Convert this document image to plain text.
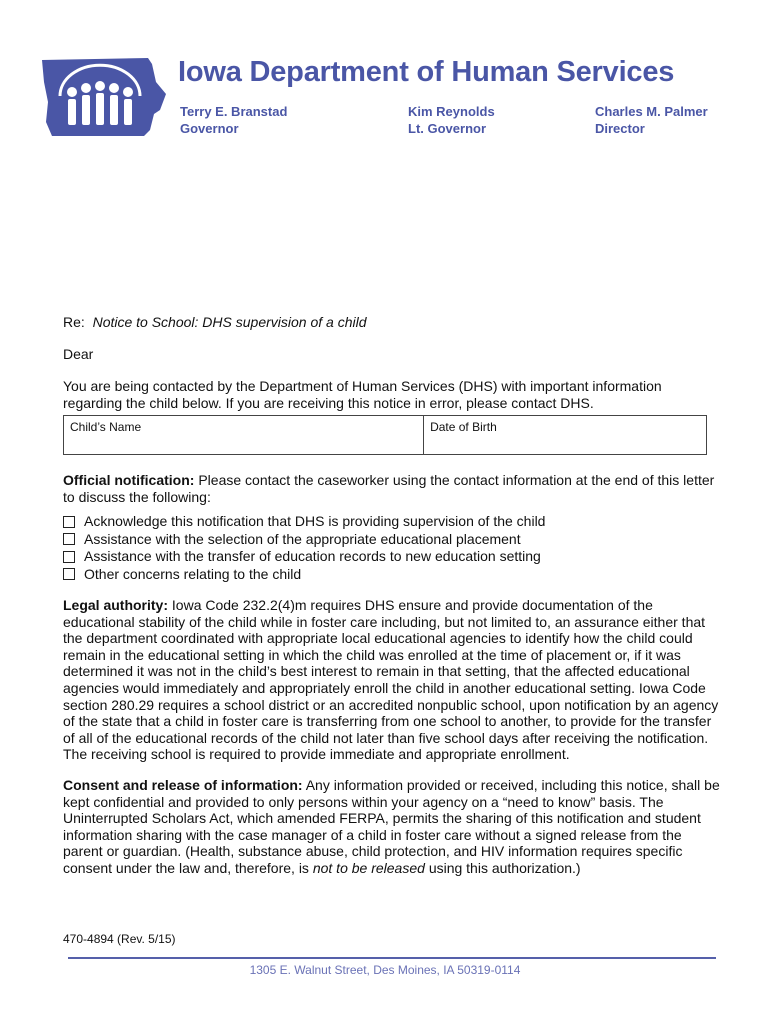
Iowa Department of Human Services
Terry E. Branstad
Governor
Kim Reynolds
Lt. Governor
Charles M. Palmer
Director
Re: Notice to School: DHS supervision of a child
Dear
You are being contacted by the Department of Human Services (DHS) with important information regarding the child below. If you are receiving this notice in error, please contact DHS.
Child’s Name	Date of Birth
Official notification: Please contact the caseworker using the contact information at the end of this letter to discuss the following:
Acknowledge this notification that DHS is providing supervision of the child
Assistance with the selection of the appropriate educational placement
Assistance with the transfer of education records to new education setting
Other concerns relating to the child
Legal authority: Iowa Code 232.2(4)m requires DHS ensure and provide documentation of the educational stability of the child while in foster care including, but not limited to, an assurance either that the department coordinated with appropriate local educational agencies to identify how the child could remain in the educational setting in which the child was enrolled at the time of placement or, if it was determined it was not in the child’s best interest to remain in that setting, that the affected educational agencies would immediately and appropriately enroll the child in another educational setting. Iowa Code section 280.29 requires a school district or an accredited nonpublic school, upon notification by an agency of the state that a child in foster care is transferring from one school to another, to provide for the transfer of all of the educational records of the child not later than five school days after receiving the notification. The receiving school is required to provide immediate and appropriate enrollment.
Consent and release of information: Any information provided or received, including this notice, shall be kept confidential and provided to only persons within your agency on a “need to know” basis. The Uninterrupted Scholars Act, which amended FERPA, permits the sharing of this notification and student information sharing with the case manager of a child in foster care without a signed release from the parent or guardian. (Health, substance abuse, child protection, and HIV information requires specific consent under the law and, therefore, is not to be released using this authorization.)
470-4894 (Rev. 5/15)
1305 E. Walnut Street, Des Moines, IA 50319-0114
